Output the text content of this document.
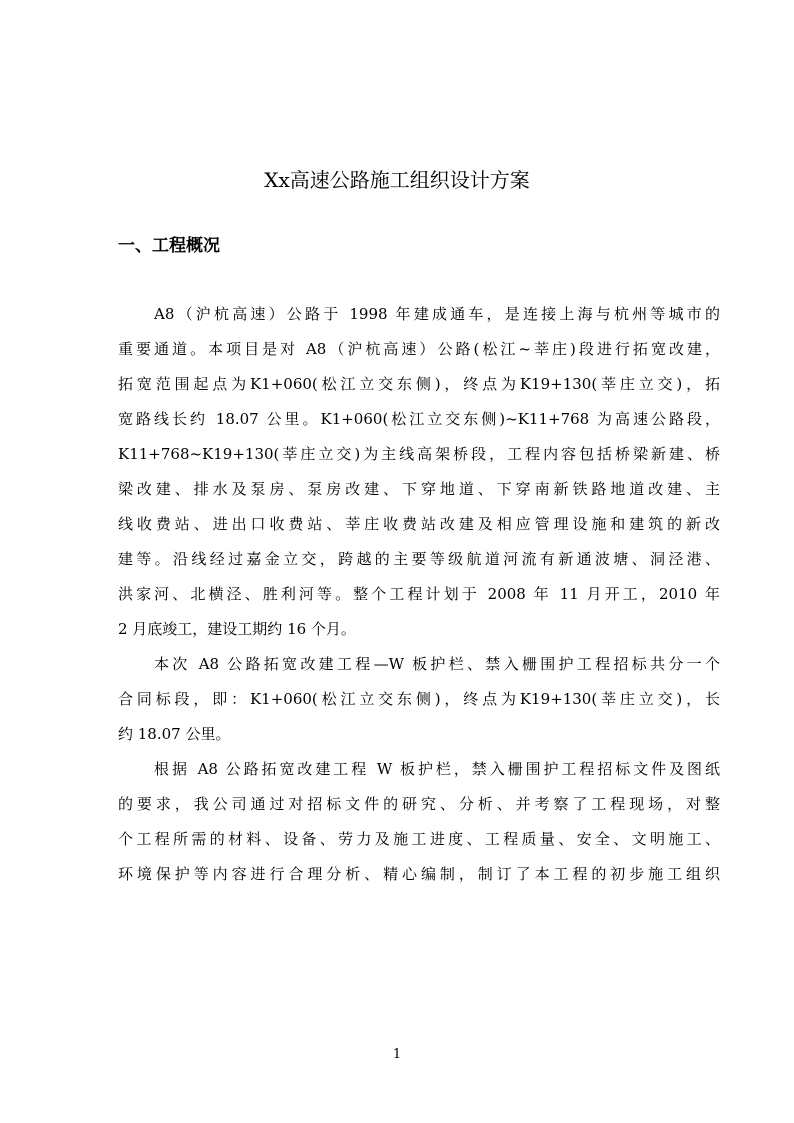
Xx高速公路施工组织设计方案
一、工程概况
A8（沪杭高速）公路于 1998 年建成通车，是连接上海与杭州等城市的
重要通道。本项目是对 A8（沪杭高速）公路(松江~莘庄)段进行拓宽改建，
拓宽范围起点为K1+060(松江立交东侧)，终点为K19+130(莘庄立交)，拓
宽路线长约 18.07 公里。K1+060(松江立交东侧)~K11+768 为高速公路段，
K11+768~K19+130(莘庄立交)为主线高架桥段，工程内容包括桥梁新建、桥
梁改建、排水及泵房、泵房改建、下穿地道、下穿南新铁路地道改建、主
线收费站、进出口收费站、莘庄收费站改建及相应管理设施和建筑的新改
建等。沿线经过嘉金立交，跨越的主要等级航道河流有新通波塘、洞泾港、
洪家河、北横泾、胜利河等。整个工程计划于 2008 年 11 月开工，2010 年
2 月底竣工，建设工期约 16 个月。
本次 A8 公路拓宽改建工程—W 板护栏、禁入栅围护工程招标共分一个
合同标段，即：K1+060(松江立交东侧)，终点为K19+130(莘庄立交)，长
约 18.07 公里。
根据 A8 公路拓宽改建工程 W 板护栏，禁入栅围护工程招标文件及图纸
的要求，我公司通过对招标文件的研究、分析、并考察了工程现场，对整
个工程所需的材料、设备、劳力及施工进度、工程质量、安全、文明施工、
环境保护等内容进行合理分析、精心编制，制订了本工程的初步施工组织
1
